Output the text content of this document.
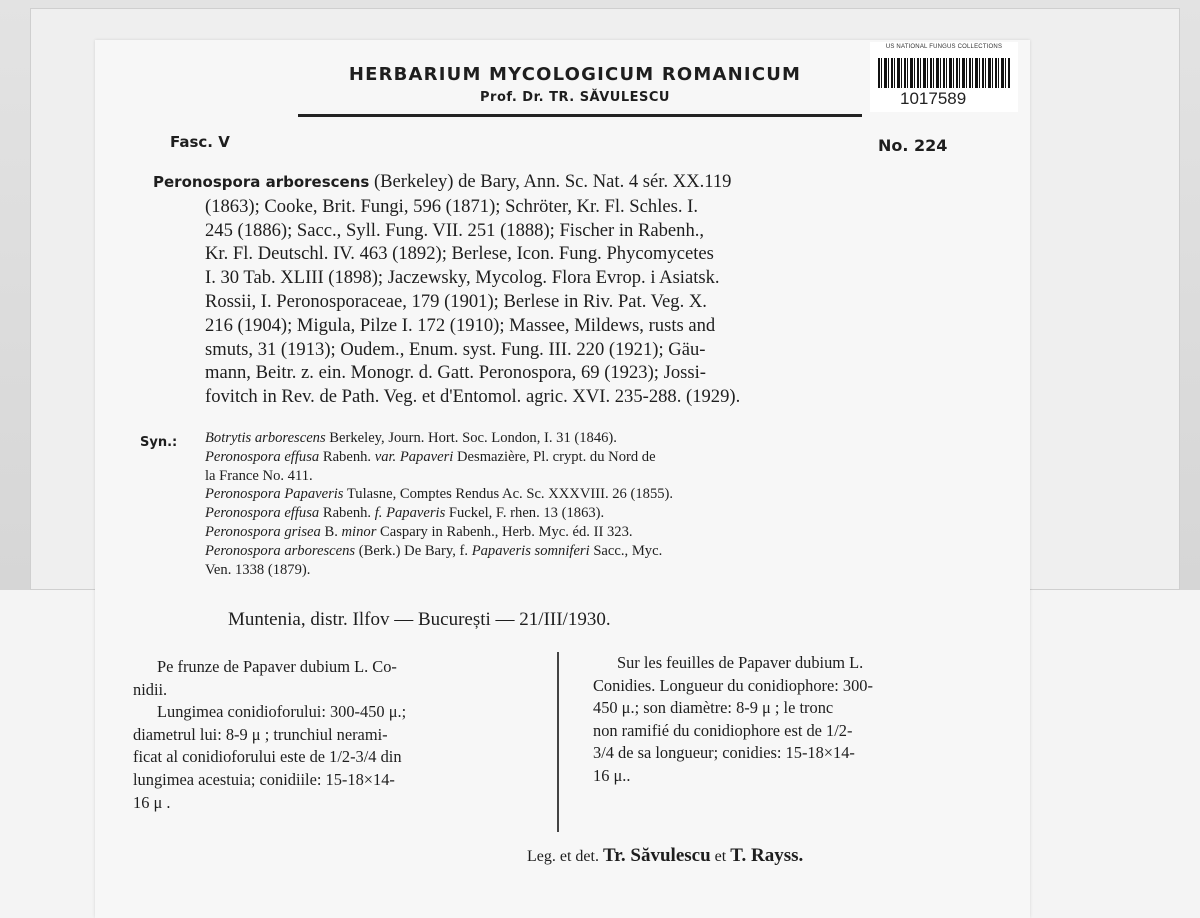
US NATIONAL FUNGUS COLLECTIONS
1017589
HERBARIUM MYCOLOGICUM ROMANICUM
Prof. Dr. TR. SĂVULESCU
Fasc. V	No. 224
Peronospora arborescens (Berkeley) de Bary, Ann. Sc. Nat. 4 sér. XX.119
(1863); Cooke, Brit. Fungi, 596 (1871); Schröter, Kr. Fl. Schles. I.
245 (1886); Sacc., Syll. Fung. VII. 251 (1888); Fischer in Rabenh.,
Kr. Fl. Deutschl. IV. 463 (1892); Berlese, Icon. Fung. Phycomycetes
I. 30 Tab. XLIII (1898); Jaczewsky, Mycolog. Flora Evrop. i Asiatsk.
Rossii, I. Peronosporaceae, 179 (1901); Berlese in Riv. Pat. Veg. X.
216 (1904); Migula, Pilze I. 172 (1910); Massee, Mildews, rusts and
smuts, 31 (1913); Oudem., Enum. syst. Fung. III. 220 (1921); Gäu-
mann, Beitr. z. ein. Monogr. d. Gatt. Peronospora, 69 (1923); Jossi-
fovitch in Rev. de Path. Veg. et d'Entomol. agric. XVI. 235-288. (1929).
Syn.: Botrytis arborescens Berkeley, Journ. Hort. Soc. London, I. 31 (1846).
Peronospora effusa Rabenh. var. Papaveri Desmazière, Pl. crypt. du Nord de
la France No. 411.
Peronospora Papaveris Tulasne, Comptes Rendus Ac. Sc. XXXVIII. 26 (1855).
Peronospora effusa Rabenh. f. Papaveris Fuckel, F. rhen. 13 (1863).
Peronospora grisea B. minor Caspary in Rabenh., Herb. Myc. éd. II 323.
Peronospora arborescens (Berk.) De Bary, f. Papaveris somniferi Sacc., Myc.
Ven. 1338 (1879).
Muntenia, distr. Ilfov — București — 21/III/1930.
Pe frunze de Papaver dubium L. Co-
nidii.
Lungimea conidioforului: 300-450 μ.;
diametrul lui: 8-9 μ ; trunchiul nerami-
ficat al conidioforului este de 1/2-3/4 din
lungimea acestuia; conidiile: 15-18×14-
16 μ .
Sur les feuilles de Papaver dubium L.
Conidies. Longueur du conidiophore: 300-
450 μ.; son diamètre: 8-9 μ ; le tronc
non ramifié du conidiophore est de 1/2-
3/4 de sa longueur; conidies: 15-18×14-
16 μ..
Leg. et det. Tr. Săvulescu et T. Rayss.
